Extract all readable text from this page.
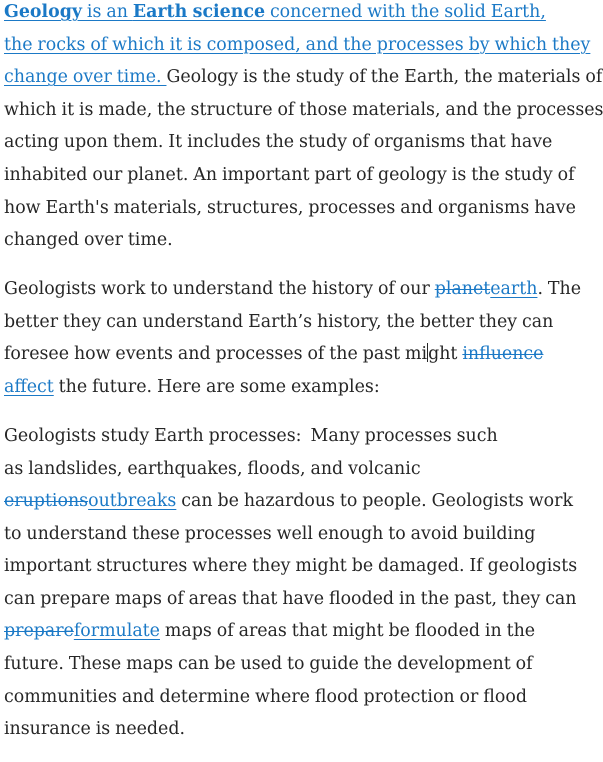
Geology is an Earth science concerned with the solid Earth,
the rocks of which it is composed, and the processes by which they
change over time. Geology is the study of the Earth, the materials of
which it is made, the structure of those materials, and the processes
acting upon them. It includes the study of organisms that have
inhabited our planet. An important part of geology is the study of
how Earth's materials, structures, processes and organisms have
changed over time.

Geologists work to understand the history of our planetearth. The
better they can understand Earth’s history, the better they can
foresee how events and processes of the past might influence
affect the future. Here are some examples:

Geologists study Earth processes: Many processes such
as landslides, earthquakes, floods, and volcanic
eruptionsoutbreaks can be hazardous to people. Geologists work
to understand these processes well enough to avoid building
important structures where they might be damaged. If geologists
can prepare maps of areas that have flooded in the past, they can
prepareformulate maps of areas that might be flooded in the
future. These maps can be used to guide the development of
communities and determine where flood protection or flood
insurance is needed.
